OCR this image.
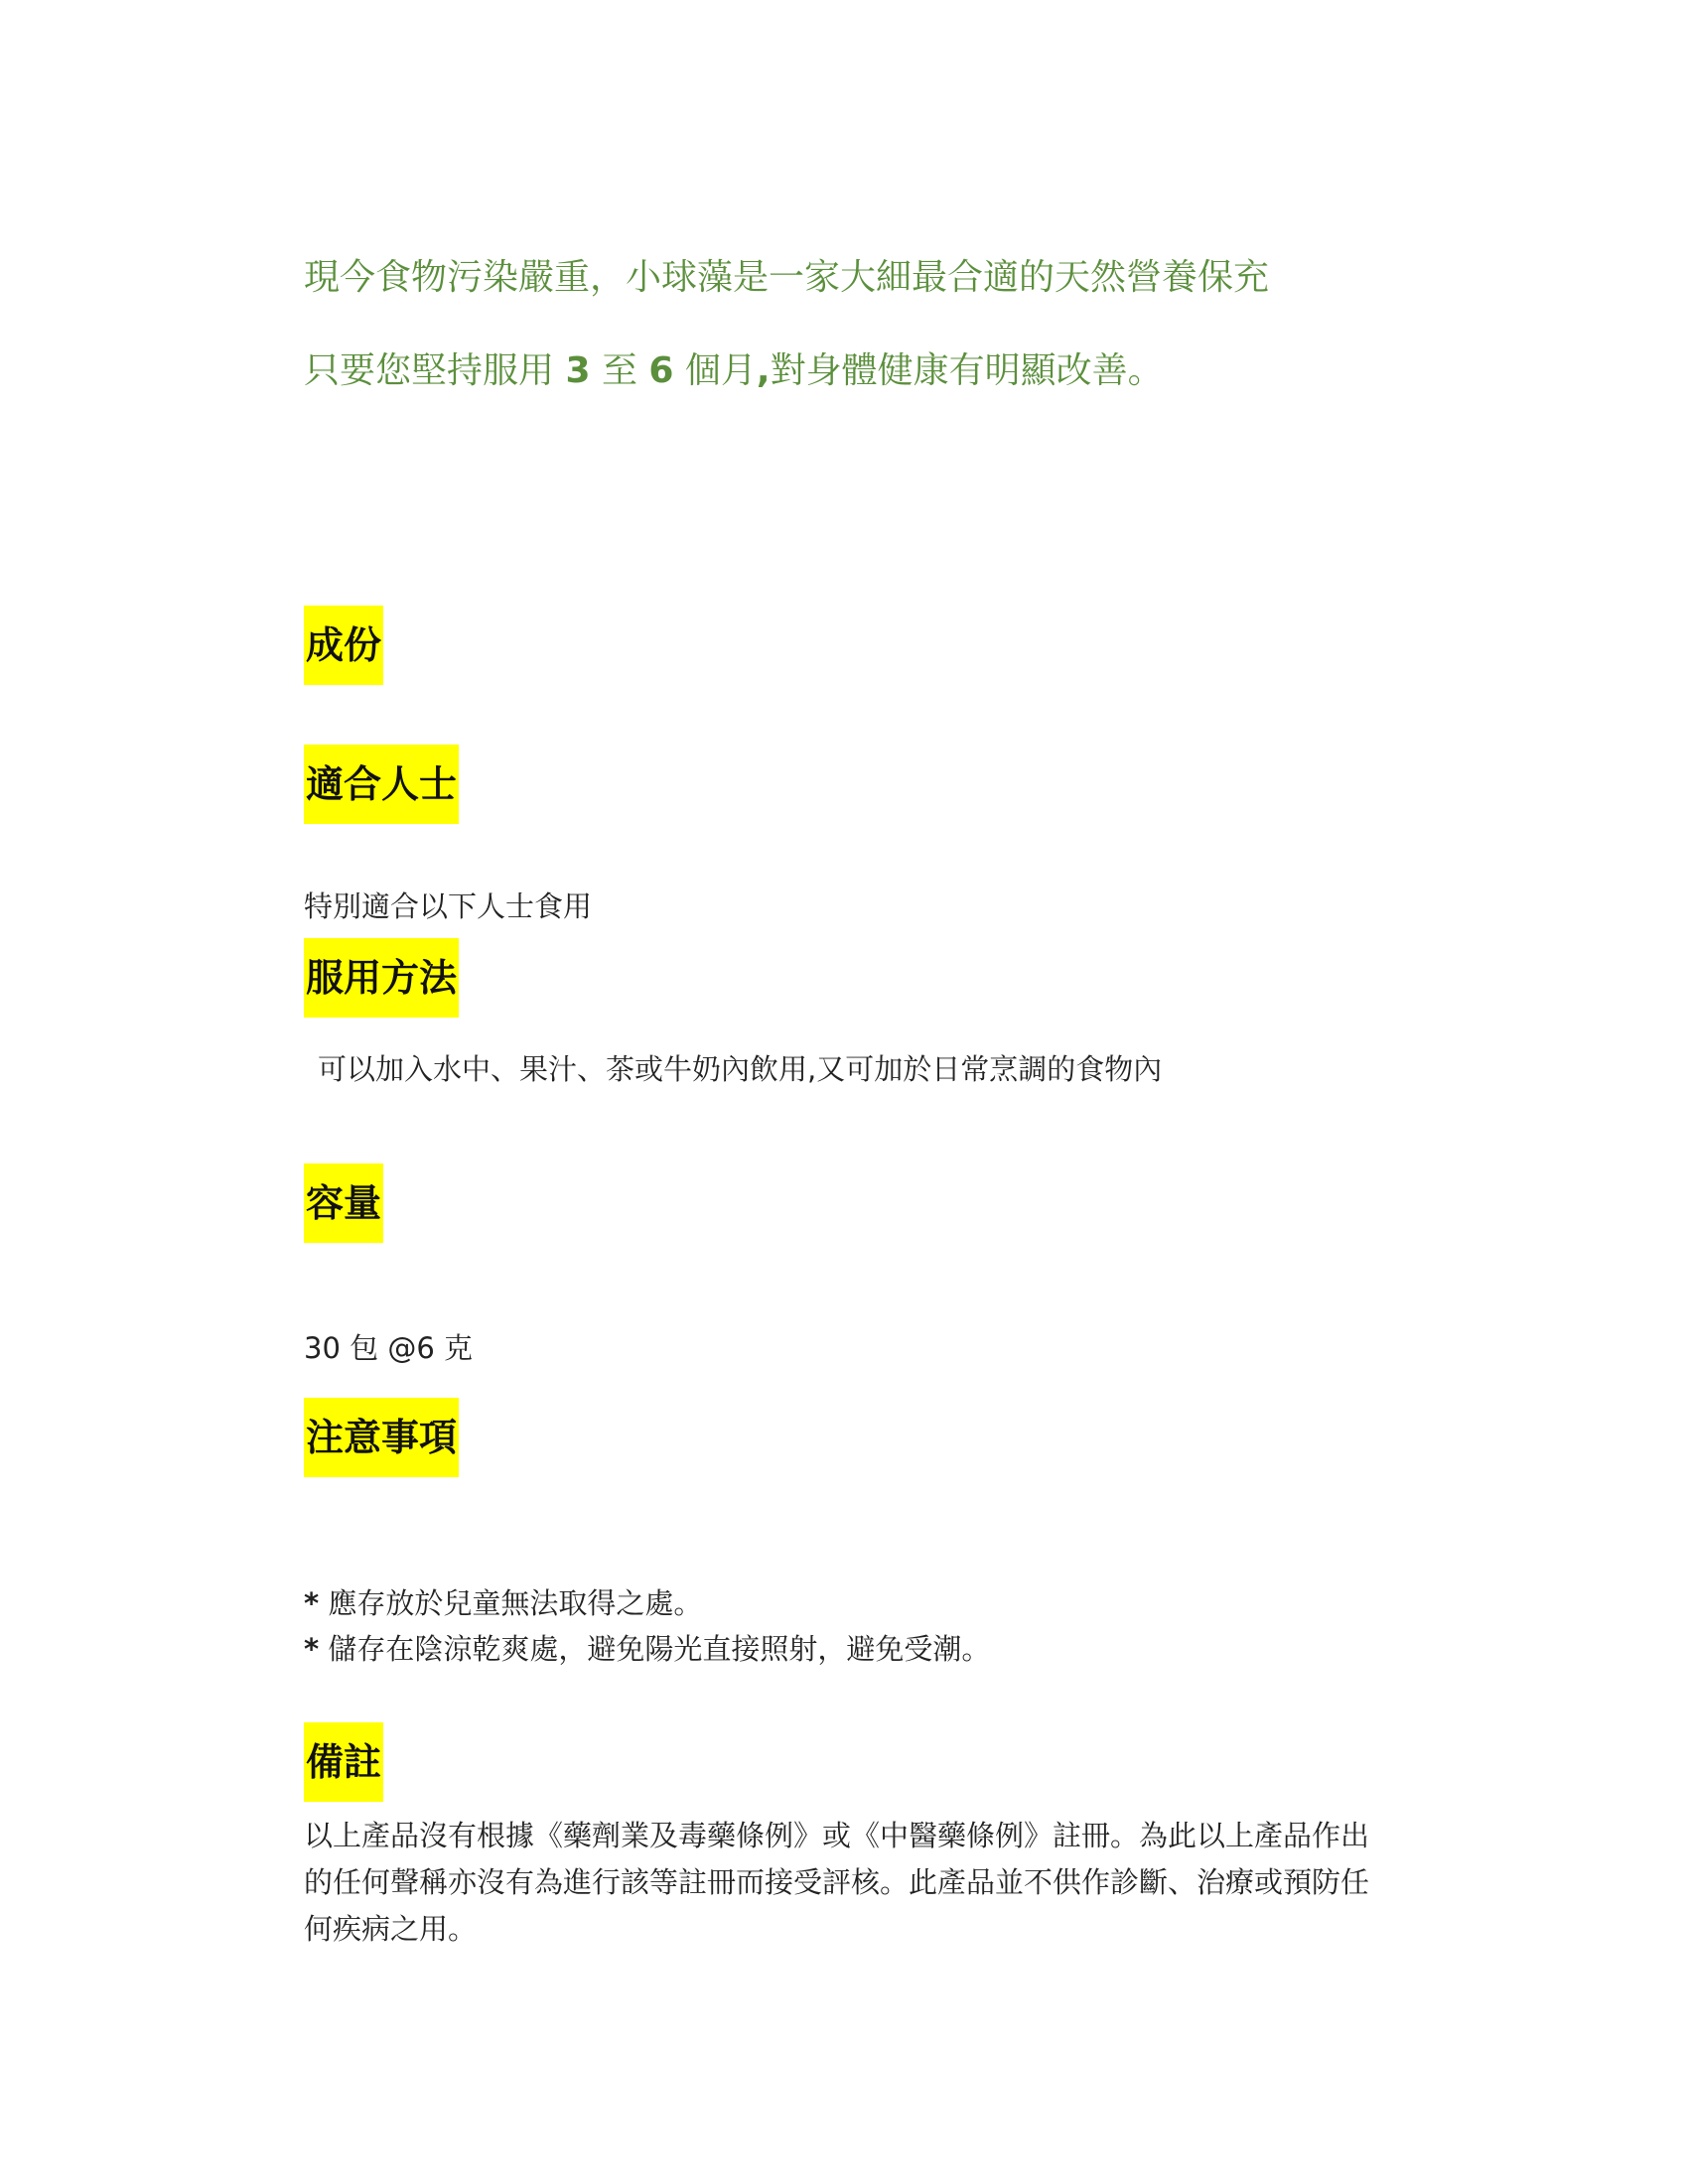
現今食物污染嚴重，小球藻是一家大細最合適的天然營養保充
只要您堅持服用 3 至 6 個月,對身體健康有明顯改善。
成份
適合人士
特別適合以下人士食用
服用方法
可以加入水中、果汁、茶或牛奶內飲用,又可加於日常烹調的食物內
容量
30 包 @6 克
注意事項
* 應存放於兒童無法取得之處。
* 儲存在陰涼乾爽處，避免陽光直接照射，避免受潮。
備註
以上產品沒有根據《藥劑業及毒藥條例》或《中醫藥條例》註冊。為此以上產品作出的任何聲稱亦沒有為進行該等註冊而接受評核。此產品並不供作診斷、治療或預防任何疾病之用。
